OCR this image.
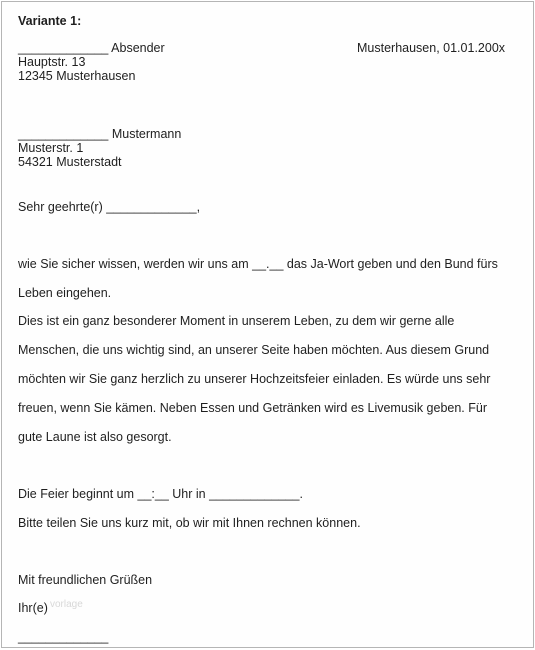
Variante 1:
_____________ Absender	Musterhausen, 01.01.200x
Hauptstr. 13
12345 Musterhausen
_____________ Mustermann
Musterstr. 1
54321 Musterstadt
Sehr geehrte(r) _____________,
wie Sie sicher wissen, werden wir uns am __.__ das Ja-Wort geben und den Bund fürs
Leben eingehen.
Dies ist ein ganz besonderer Moment in unserem Leben, zu dem wir gerne alle
Menschen, die uns wichtig sind, an unserer Seite haben möchten. Aus diesem Grund
möchten wir Sie ganz herzlich zu unserer Hochzeitsfeier einladen. Es würde uns sehr
freuen, wenn Sie kämen. Neben Essen und Getränken wird es Livemusik geben. Für
gute Laune ist also gesorgt.
Die Feier beginnt um __:__ Uhr in _____________.
Bitte teilen Sie uns kurz mit, ob wir mit Ihnen rechnen können.
Mit freundlichen Grüßen
Ihr(e) vorlage
_____________
